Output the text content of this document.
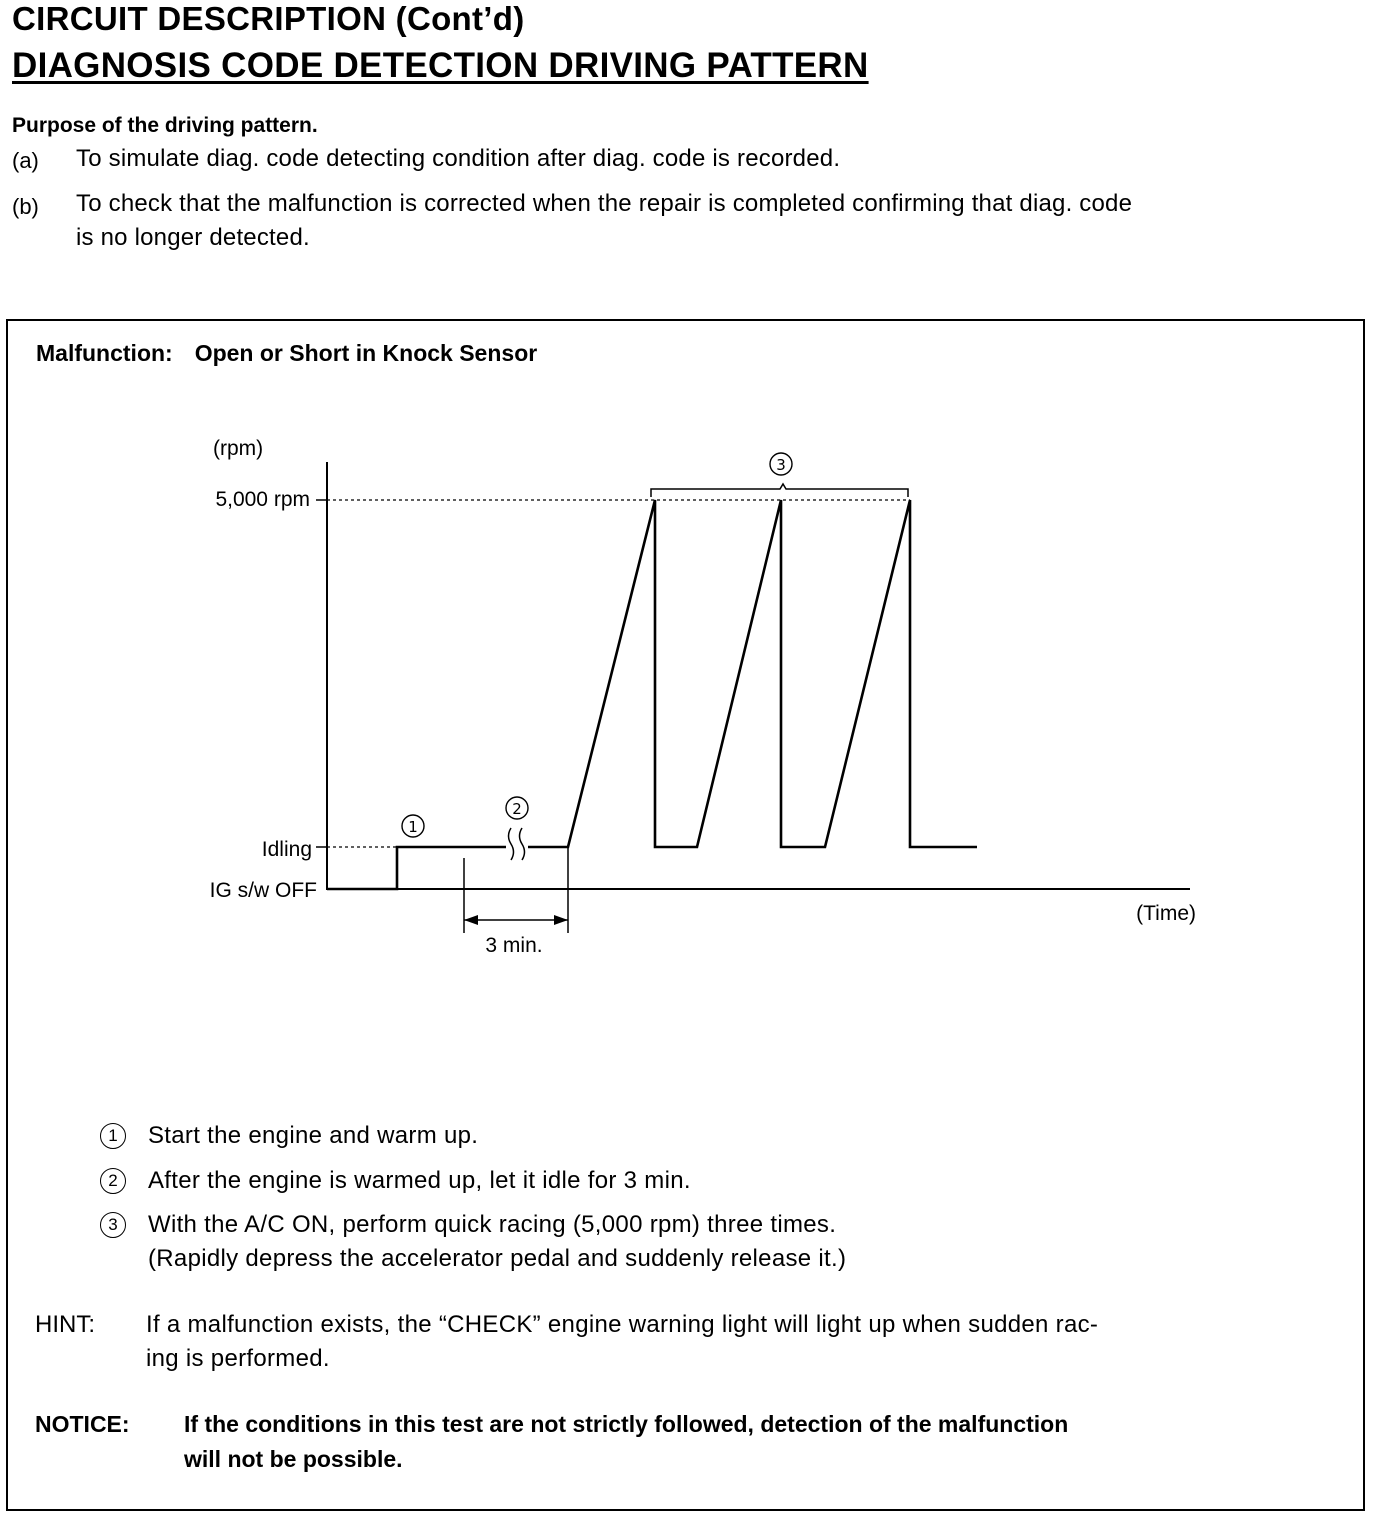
CIRCUIT DESCRIPTION (Cont’d)
DIAGNOSIS CODE DETECTION DRIVING PATTERN
Purpose of the driving pattern.
(a) To simulate diag. code detecting condition after diag. code is recorded.
(b) To check that the malfunction is corrected when the repair is completed confirming that diag. code
is no longer detected.
Malfunction: Open or Short in Knock Sensor
(rpm)
5,000 rpm
Idling
IG s/w OFF
(Time)
3 min.
1
2
3
1	Start the engine and warm up.
2	After the engine is warmed up, let it idle for 3 min.
3	With the A/C ON, perform quick racing (5,000 rpm) three times.
(Rapidly depress the accelerator pedal and suddenly release it.)
HINT: If a malfunction exists, the “CHECK” engine warning light will light up when sudden rac-
ing is performed.
NOTICE: If the conditions in this test are not strictly followed, detection of the malfunction
will not be possible.
